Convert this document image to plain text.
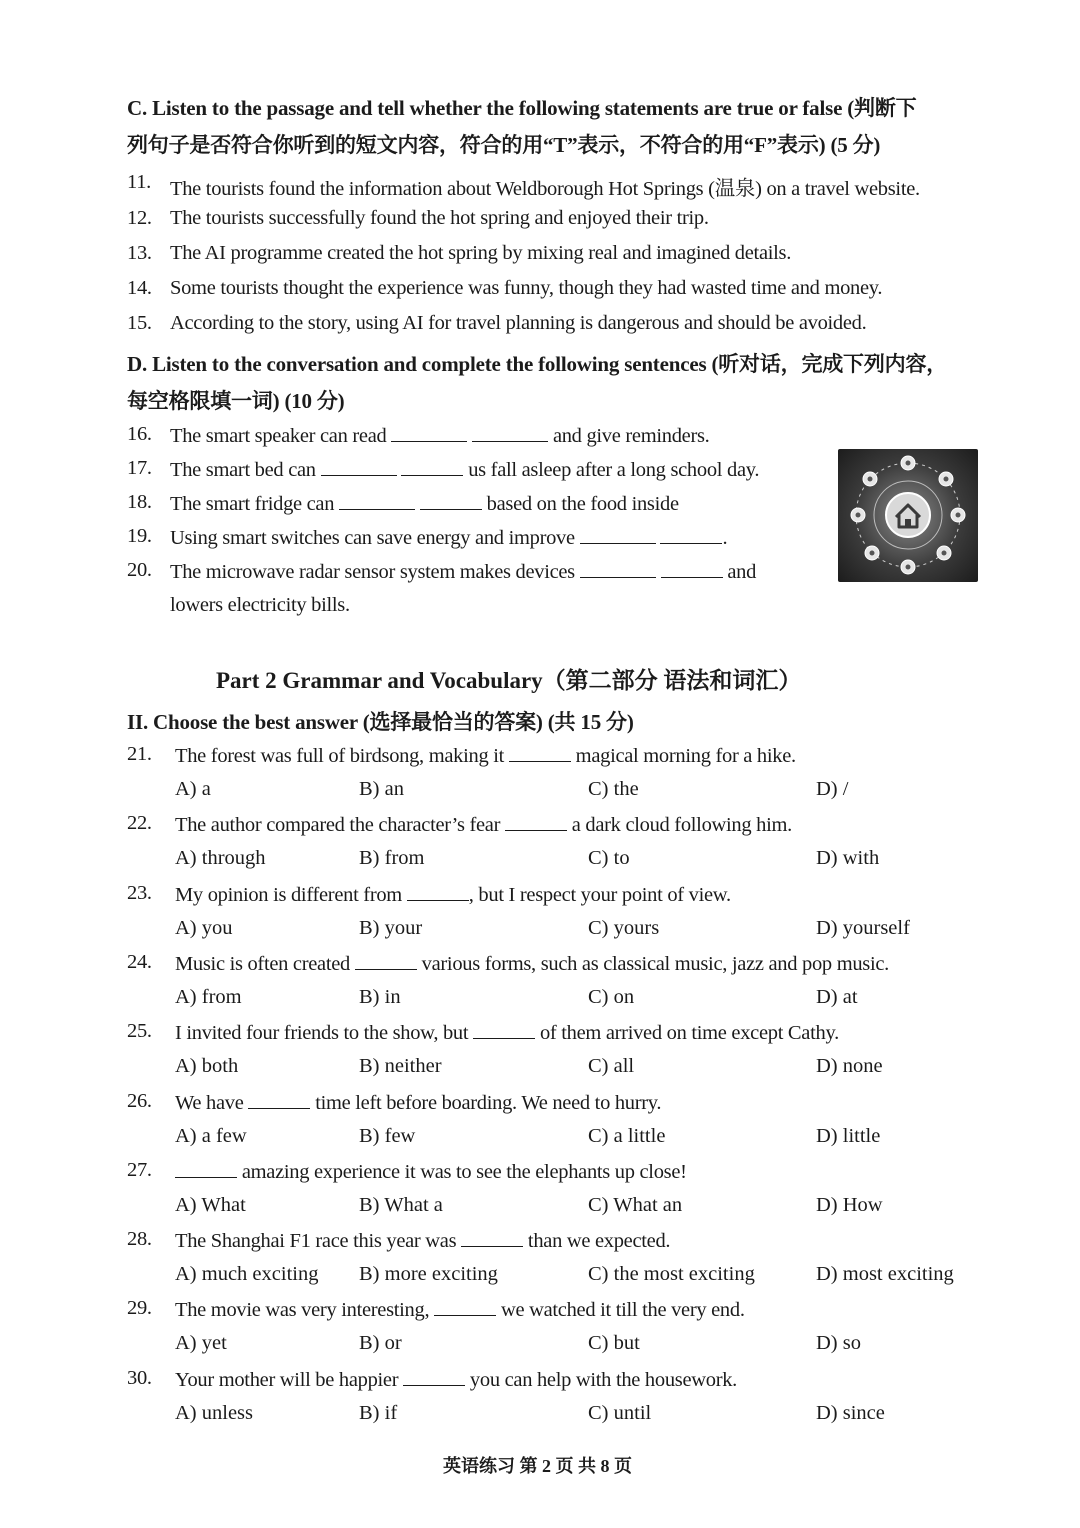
C. Listen to the passage and tell whether the following statements are true or false (判断下
列句子是否符合你听到的短文内容，符合的用“T”表示，不符合的用“F”表示) (5 分)
11. The tourists found the information about Weldborough Hot Springs (温泉) on a travel website.
12. The tourists successfully found the hot spring and enjoyed their trip.
13. The AI programme created the hot spring by mixing real and imagined details.
14. Some tourists thought the experience was funny, though they had wasted time and money.
15. According to the story, using AI for travel planning is dangerous and should be avoided.
D. Listen to the conversation and complete the following sentences (听对话，完成下列内容，
每空格限填一词) (10 分)
16. The smart speaker can read	and give reminders.
17. The smart bed can	us fall asleep after a long school day.
18. The smart fridge can	based on the food inside
19. Using smart switches can save energy and improve	.
20. The microwave radar sensor system makes devices	and
lowers electricity bills.
Part 2 Grammar and Vocabulary（第二部分 语法和词汇）
II. Choose the best answer (选择最恰当的答案) (共 15 分)
21.	The forest was full of birdsong, making it	magical morning for a hike.
A) a	B) an	C) the	D) /
22.	The author compared the character’s fear	a dark cloud following him.
A) through	B) from	C) to	D) with
23.	My opinion is different from	, but I respect your point of view.
A) you	B) your	C) yours	D) yourself
24.	Music is often created	various forms, such as classical music, jazz and pop music.
A) from	B) in	C) on	D) at
25.	I invited four friends to the show, but	of them arrived on time except Cathy.
A) both	B) neither	C) all	D) none
26.	We have	time left before boarding. We need to hurry.
A) a few	B) few	C) a little	D) little
27.	amazing experience it was to see the elephants up close!
A) What	B) What a	C) What an	D) How
28.	The Shanghai F1 race this year was	than we expected.
A) much exciting B) more exciting	C) the most exciting	D) most exciting
29.	The movie was very interesting,	we watched it till the very end.
A) yet	B) or	C) but	D) so
30.	Your mother will be happier	you can help with the housework.
A) unless	B) if	C) until	D) since
英语练习 第 2 页 共 8 页
